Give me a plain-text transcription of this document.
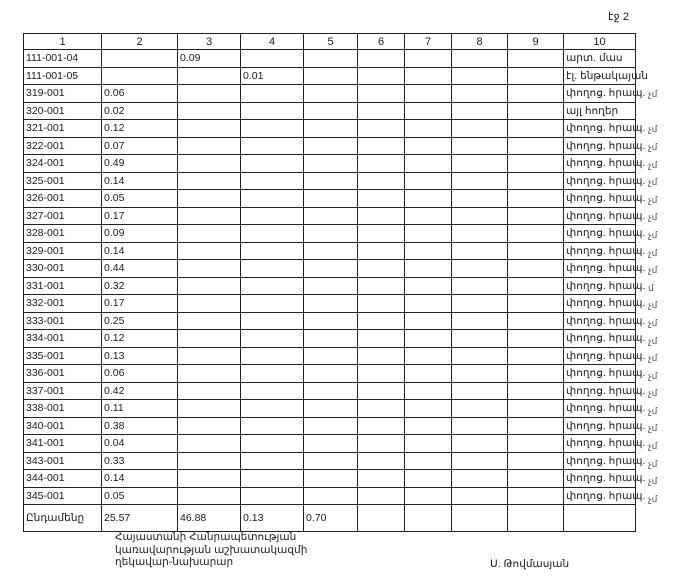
էջ 2
1	2	3	4	5	6	7	8	9	10
111-001-04		0.09							արտ. մաս
111-001-05			0.01						էլ. ենթակայան
319-001	0.06								փողոց. հրապ.
320-001	0.02								այլ հողեր
321-001	0.12								փողոց. հրապ.
322-001	0.07								փողոց. հրապ.
324-001	0.49								փողոց. հրապ.
325-001	0.14								փողոց. հրապ.
326-001	0.05								փողոց. հրապ.
327-001	0.17								փողոց. հրապ.
328-001	0.09								փողոց. հրապ.
329-001	0.14								փողոց. հրապ.
330-001	0.44								փողոց. հրապ.
331-001	0.32								փողոց. հրապ.
332-001	0.17								փողոց. հրապ.
333-001	0.25								փողոց. հրապ.
334-001	0.12								փողոց. հրապ.
335-001	0.13								փողոց. հրապ.
336-001	0.06								փողոց. հրապ.
337-001	0.42								փողոց. հրապ.
338-001	0.11								փողոց. հրապ.
340-001	0.38								փողոց. հրապ.
341-001	0.04								փողոց. հրապ.
343-001	0.33								փողոց. հրապ.
344-001	0.14								փողոց. հրապ.
345-001	0.05								փողոց. հրապ.
Ընդամենը	25.57	46.88	0.13	0.70					
չմ
չմ
չմ
չմ
չմ
չմ
չմ
չմ
չմ
չմ
մ
չմ
չմ
չմ
չմ
չմ
չմ
չմ
չմ
չմ
չմ
չմ
չմ
Հայաստանի Հանրապետության
կառավարության աշխատակազմի
ղեկավար-նախարար	Ս. Թովմասյան
